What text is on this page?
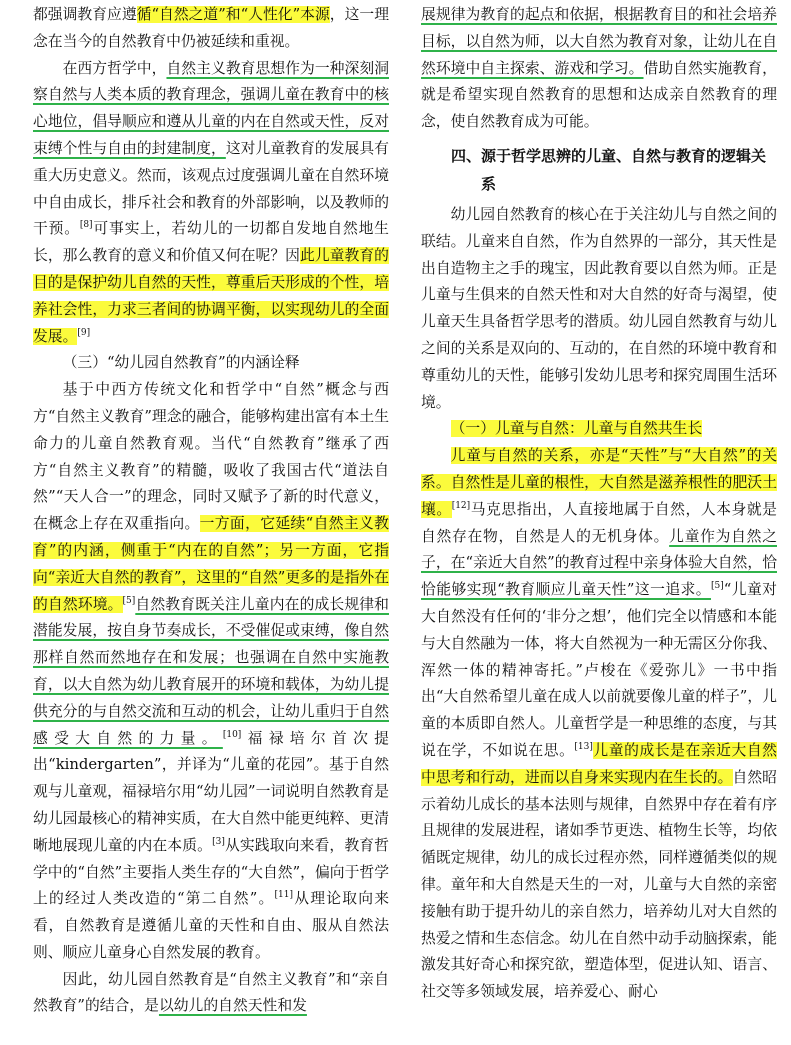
都强调教育应遵循“自然之道”和“人性化”本源，这一理念在当今的自然教育中仍被延续和重视。

在西方哲学中，自然主义教育思想作为一种深刻洞察自然与人类本质的教育理念，强调儿童在教育中的核心地位，倡导顺应和遵从儿童的内在自然或天性，反对束缚个性与自由的封建制度，这对儿童教育的发展具有重大历史意义。然而，该观点过度强调儿童在自然环境中自由成长，排斥社会和教育的外部影响，以及教师的干预。[8]可事实上，若幼儿的一切都自发地自然地生长，那么教育的意义和价值又何在呢？因此儿童教育的目的是保护幼儿自然的天性，尊重后天形成的个性，培养社会性，力求三者间的协调平衡，以实现幼儿的全面发展。[9]

（三）“幼儿园自然教育”的内涵诠释

基于中西方传统文化和哲学中“自然”概念与西方“自然主义教育”理念的融合，能够构建出富有本土生命力的儿童自然教育观。当代“自然教育”继承了西方“自然主义教育”的精髓，吸收了我国古代“道法自然”“天人合一”的理念，同时又赋予了新的时代意义，在概念上存在双重指向。一方面，它延续“自然主义教育”的内涵，侧重于“内在的自然”；另一方面，它指向“亲近大自然的教育”，这里的“自然”更多的是指外在的自然环境。[5]自然教育既关注儿童内在的成长规律和潜能发展，按自身节奏成长，不受催促或束缚，像自然那样自然而然地存在和发展；也强调在自然中实施教育，以大自然为幼儿教育展开的环境和载体，为幼儿提供充分的与自然交流和互动的机会，让幼儿重归于自然感受大自然的力量。[10]福禄培尔首次提出“kindergarten”，并译为“儿童的花园”。基于自然观与儿童观，福禄培尔用“幼儿园”一词说明自然教育是幼儿园最核心的精神实质，在大自然中能更纯粹、更清晰地展现儿童的内在本质。[3]从实践取向来看，教育哲学中的“自然”主要指人类生存的“大自然”，偏向于哲学上的经过人类改造的“第二自然”。[11]从理论取向来看，自然教育是遵循儿童的天性和自由、服从自然法则、顺应儿童身心自然发展的教育。

因此，幼儿园自然教育是“自然主义教育”和“亲自然教育”的结合，是以幼儿的自然天性和发

展规律为教育的起点和依据，根据教育目的和社会培养目标，以自然为师，以大自然为教育对象，让幼儿在自然环境中自主探索、游戏和学习。借助自然实施教育，就是希望实现自然教育的思想和达成亲自然教育的理念，使自然教育成为可能。

四、源于哲学思辨的儿童、自然与教育的逻辑关系

幼儿园自然教育的核心在于关注幼儿与自然之间的联结。儿童来自自然，作为自然界的一部分，其天性是出自造物主之手的瑰宝，因此教育要以自然为师。正是儿童与生俱来的自然天性和对大自然的好奇与渴望，使儿童天生具备哲学思考的潜质。幼儿园自然教育与幼儿之间的关系是双向的、互动的，在自然的环境中教育和尊重幼儿的天性，能够引发幼儿思考和探究周围生活环境。

（一）儿童与自然：儿童与自然共生长

儿童与自然的关系，亦是“天性”与“大自然”的关系。自然性是儿童的根性，大自然是滋养根性的肥沃土壤。[12]马克思指出，人直接地属于自然，人本身就是自然存在物，自然是人的无机身体。儿童作为自然之子，在“亲近大自然”的教育过程中亲身体验大自然，恰恰能够实现“教育顺应儿童天性”这一追求。[5]“儿童对大自然没有任何的‘非分之想’，他们完全以情感和本能与大自然融为一体，将大自然视为一种无需区分你我、浑然一体的精神寄托。”卢梭在《爱弥儿》一书中指出“大自然希望儿童在成人以前就要像儿童的样子”，儿童的本质即自然人。儿童哲学是一种思维的态度，与其说在学，不如说在思。[13]儿童的成长是在亲近大自然中思考和行动，进而以自身来实现内在生长的。自然昭示着幼儿成长的基本法则与规律，自然界中存在着有序且规律的发展进程，诸如季节更迭、植物生长等，均依循既定规律，幼儿的成长过程亦然，同样遵循类似的规律。童年和大自然是天生的一对，儿童与大自然的亲密接触有助于提升幼儿的亲自然力，培养幼儿对大自然的热爱之情和生态信念。幼儿在自然中动手动脑探索，能激发其好奇心和探究欲，塑造体型，促进认知、语言、社交等多领域发展，培养爱心、耐心
